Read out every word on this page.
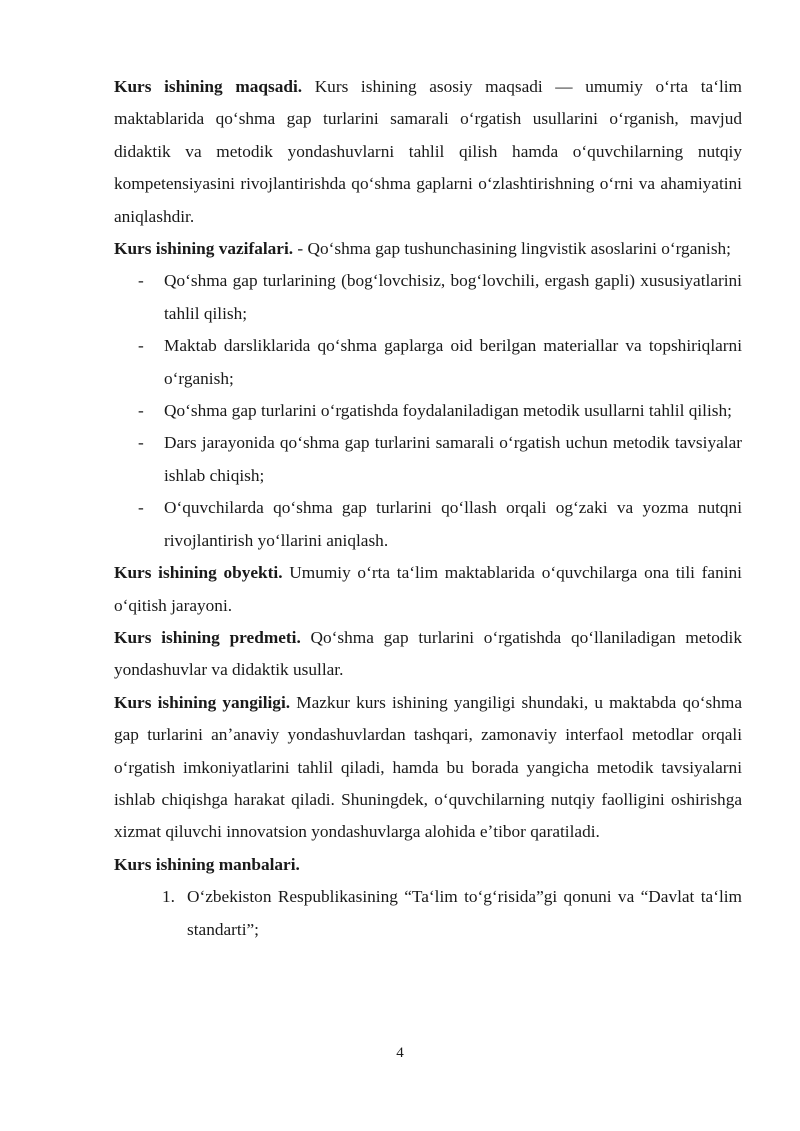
Kurs ishining maqsadi. Kurs ishining asosiy maqsadi — umumiy oʻrta taʻlim maktablarida qoʻshma gap turlarini samarali oʻrgatish usullarini oʻrganish, mavjud didaktik va metodik yondashuvlarni tahlil qilish hamda oʻquvchilarning nutqiy kompetensiyasini rivojlantirishda qoʻshma gaplarni oʻzlashtirishning oʻrni va ahamiyatini aniqlashdir.

Kurs ishining vazifalari. - Qoʻshma gap tushunchasining lingvistik asoslarini oʻrganish;

- Qoʻshma gap turlarining (bogʻlovchisiz, bogʻlovchili, ergash gapli) xususiyatlarini tahlil qilish;
- Maktab darsliklarida qoʻshma gaplarga oid berilgan materiallar va topshiriqlarni oʻrganish;
- Qoʻshma gap turlarini oʻrgatishda foydalaniladigan metodik usullarni tahlil qilish;
- Dars jarayonida qoʻshma gap turlarini samarali oʻrgatish uchun metodik tavsiyalar ishlab chiqish;
- Oʻquvchilarda qoʻshma gap turlarini qoʻllash orqali ogʻzaki va yozma nutqni rivojlantirish yoʻllarini aniqlash.

Kurs ishining obyekti. Umumiy oʻrta taʻlim maktablarida oʻquvchilarga ona tili fanini oʻqitish jarayoni.

Kurs ishining predmeti. Qoʻshma gap turlarini oʻrgatishda qoʻllaniladigan metodik yondashuvlar va didaktik usullar.

Kurs ishining yangiligi. Mazkur kurs ishining yangiligi shundaki, u maktabda qoʻshma gap turlarini anʼanaviy yondashuvlardan tashqari, zamonaviy interfaol metodlar orqali oʻrgatish imkoniyatlarini tahlil qiladi, hamda bu borada yangicha metodik tavsiyalarni ishlab chiqishga harakat qiladi. Shuningdek, oʻquvchilarning nutqiy faolligini oshirishga xizmat qiluvchi innovatsion yondashuvlarga alohida eʼtibor qaratiladi.

Kurs ishining manbalari.

1. Oʻzbekiston Respublikasining “Taʻlim toʻgʻrisida”gi qonuni va “Davlat taʻlim standarti”;
4
